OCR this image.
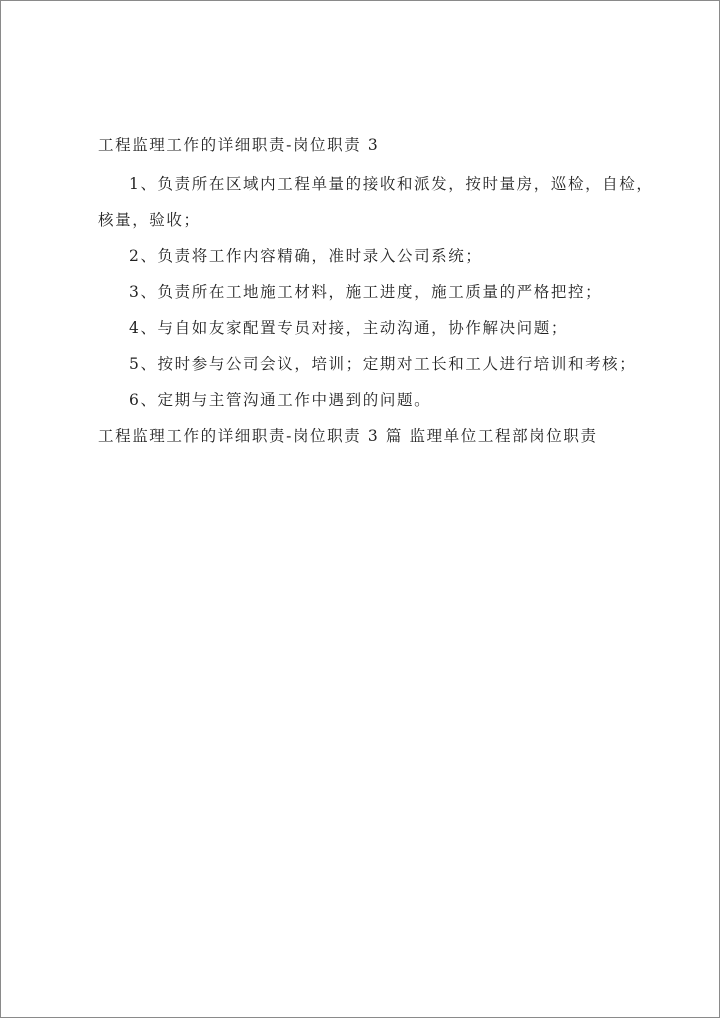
工程监理工作的详细职责-岗位职责 3
1、负责所在区域内工程单量的接收和派发，按时量房，巡检，自检，
核量，验收；
2、负责将工作内容精确，准时录入公司系统；
3、负责所在工地施工材料，施工进度，施工质量的严格把控；
4、与自如友家配置专员对接，主动沟通，协作解决问题；
5、按时参与公司会议，培训；定期对工长和工人进行培训和考核；
6、定期与主管沟通工作中遇到的问题。
工程监理工作的详细职责-岗位职责 3 篇 监理单位工程部岗位职责
